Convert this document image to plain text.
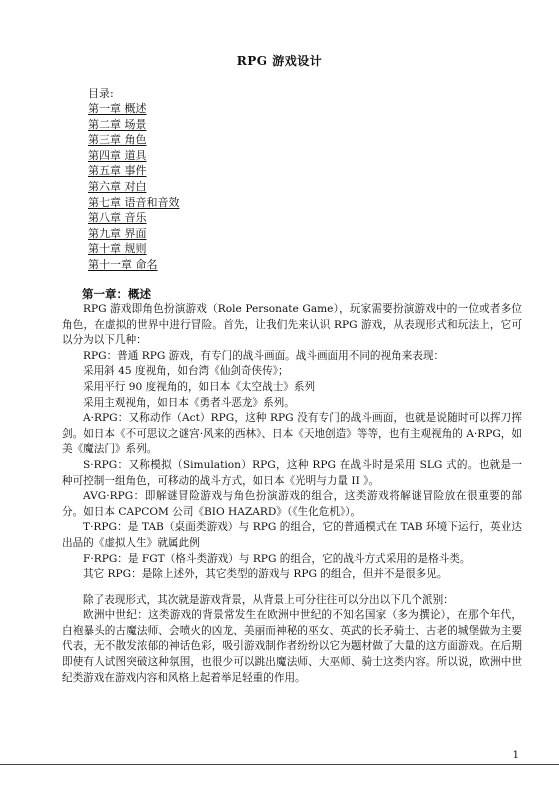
RPG 游戏设计
目录:
第一章 概述
第二章 场景
第三章 角色
第四章 道具
第五章 事件
第六章 对白
第七章 语音和音效
第八章 音乐
第九章 界面
第十章 规则
第十一章 命名
第一章：概述

RPG 游戏即角色扮演游戏（Role Personate Game），玩家需要扮演游戏中的一位或者多位角色，在虚拟的世界中进行冒险。首先，让我们先来认识 RPG 游戏，从表现形式和玩法上，它可以分为以下几种：

RPG：普通 RPG 游戏，有专门的战斗画面。战斗画面用不同的视角来表现：

采用斜 45 度视角，如台湾《仙剑奇侠传》；

采用平行 90 度视角的，如日本《太空战士》系列

采用主观视角，如日本《勇者斗恶龙》系列。

A·RPG：又称动作（Act）RPG，这种 RPG 没有专门的战斗画面，也就是说随时可以挥刀挥剑。如日本《不可思议之谜宫·风来的西林》、日本《天地创造》等等，也有主观视角的 A·RPG，如美《魔法门》系列。

S·RPG：又称模拟（Simulation）RPG，这种 RPG 在战斗时是采用 SLG 式的。也就是一种可控制一组角色，可移动的战斗方式，如日本《光明与力量 II 》。

AVG·RPG：即解谜冒险游戏与角色扮演游戏的组合，这类游戏将解谜冒险放在很重要的部分。如日本 CAPCOM 公司《BIO HAZARD》（《生化危机》）。

T·RPG：是 TAB（桌面类游戏）与 RPG 的组合，它的普通模式在 TAB 环境下运行，英业达出品的《虚拟人生》就属此例

F·RPG：是 FGT（格斗类游戏）与 RPG 的组合，它的战斗方式采用的是格斗类。

其它 RPG：是除上述外，其它类型的游戏与 RPG 的组合，但并不是很多见。

除了表现形式，其次就是游戏背景，从背景上可分往往可以分出以下几个派别：

欧洲中世纪：这类游戏的背景常发生在欧洲中世纪的不知名国家（多为撰论），在那个年代，白袍暴头的古魔法师、会喷火的凶龙、美丽而神秘的巫女、英武的长矛骑士、古老的城堡做为主要代表，无不散发浓郁的神话色彩，吸引游戏制作者纷纷以它为题材做了大量的这方面游戏。在后期即使有人试图突破这种氛围，也很少可以跳出魔法师、大巫师、骑士这类内容。所以说，欧洲中世纪类游戏在游戏内容和风格上起着举足轻重的作用。

1
